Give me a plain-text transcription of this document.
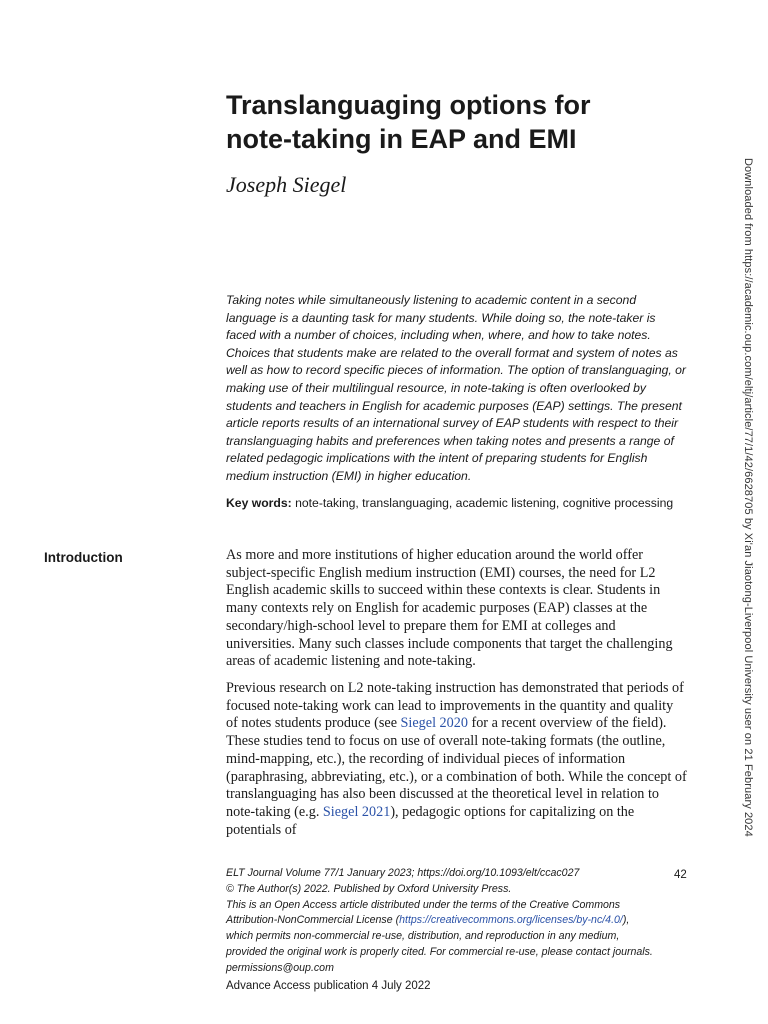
Translanguaging options for
note-taking in EAP and EMI
Joseph Siegel

Taking notes while simultaneously listening to academic content in a second language is a daunting task for many students. While doing so, the note-taker is faced with a number of choices, including when, where, and how to take notes. Choices that students make are related to the overall format and system of notes as well as how to record specific pieces of information. The option of translanguaging, or making use of their multilingual resource, in note-taking is often overlooked by students and teachers in English for academic purposes (EAP) settings. The present article reports results of an international survey of EAP students with respect to their translanguaging habits and preferences when taking notes and presents a range of related pedagogic implications with the intent of preparing students for English medium instruction (EMI) in higher education.

Key words: note-taking, translanguaging, academic listening, cognitive processing

Introduction	As more and more institutions of higher education around the world offer subject-specific English medium instruction (EMI) courses, the need for L2 English academic skills to succeed within these contexts is clear. Students in many contexts rely on English for academic purposes (EAP) classes at the secondary/high-school level to prepare them for EMI at colleges and universities. Many such classes include components that target the challenging areas of academic listening and note-taking.

Previous research on L2 note-taking instruction has demonstrated that periods of focused note-taking work can lead to improvements in the quantity and quality of notes students produce (see Siegel 2020 for a recent overview of the field). These studies tend to focus on use of overall note-taking formats (the outline, mind-mapping, etc.), the recording of individual pieces of information (paraphrasing, abbreviating, etc.), or a combination of both. While the concept of translanguaging has also been discussed at the theoretical level in relation to note-taking (e.g. Siegel 2021), pedagogic options for capitalizing on the potentials of

ELT Journal Volume 77/1 January 2023; https://doi.org/10.1093/elt/ccac027
© The Author(s) 2022. Published by Oxford University Press.
This is an Open Access article distributed under the terms of the Creative Commons
Attribution-NonCommercial License (https://creativecommons.org/licenses/by-nc/4.0/),
which permits non-commercial re-use, distribution, and reproduction in any medium,
provided the original work is properly cited. For commercial re-use, please contact journals.
permissions@oup.com
42
Advance Access publication 4 July 2022
Downloaded from https://academic.oup.com/eltj/article/77/1/42/6628705 by Xi'an Jiaotong-Liverpool University user on 21 February 2024
